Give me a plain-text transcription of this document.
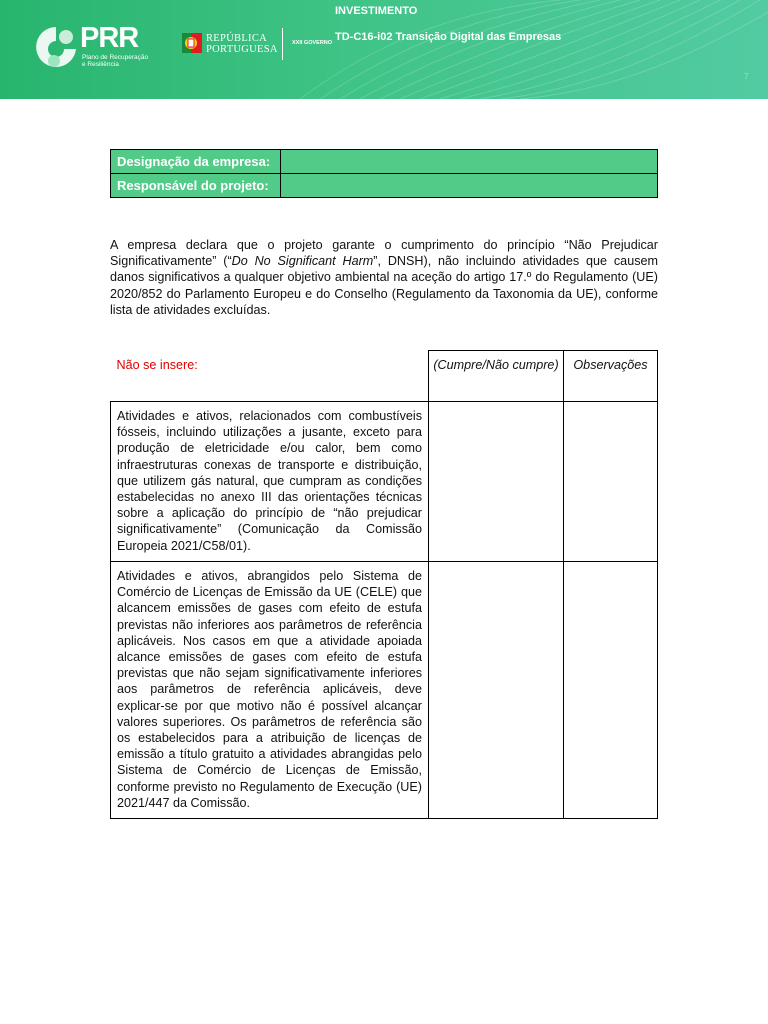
PRR
Plano de Recuperação e Resiliência
REPÚBLICA
PORTUGUESA
XXII GOVERNO
INVESTIMENTO
TD-C16-i02 Transição Digital das Empresas
7
Designação da empresa:	
Responsável do projeto:	

A empresa declara que o projeto garante o cumprimento do princípio “Não Prejudicar Significativamente” (“Do No Significant Harm”, DNSH), não incluindo atividades que causem danos significativos a qualquer objetivo ambiental na aceção do artigo 17.º do Regulamento (UE) 2020/852 do Parlamento Europeu e do Conselho (Regulamento da Taxonomia da UE), conforme lista de atividades excluídas.

Não se insere:	(Cumpre/Não cumpre)	Observações
Atividades e ativos, relacionados com combustíveis fósseis, incluindo utilizações a jusante, exceto para produção de eletricidade e/ou calor, bem como infraestruturas conexas de transporte e distribuição, que utilizem gás natural, que cumpram as condições estabelecidas no anexo III das orientações técnicas sobre a aplicação do princípio de “não prejudicar significativamente” (Comunicação da Comissão Europeia 2021/C58/01).		
Atividades e ativos, abrangidos pelo Sistema de Comércio de Licenças de Emissão da UE (CELE) que alcancem emissões de gases com efeito de estufa previstas não inferiores aos parâmetros de referência aplicáveis. Nos casos em que a atividade apoiada alcance emissões de gases com efeito de estufa previstas que não sejam significativamente inferiores aos parâmetros de referência aplicáveis, deve explicar-se por que motivo não é possível alcançar valores superiores. Os parâmetros de referência são os estabelecidos para a atribuição de licenças de emissão a título gratuito a atividades abrangidas pelo Sistema de Comércio de Licenças de Emissão, conforme previsto no Regulamento de Execução (UE) 2021/447 da Comissão.		
